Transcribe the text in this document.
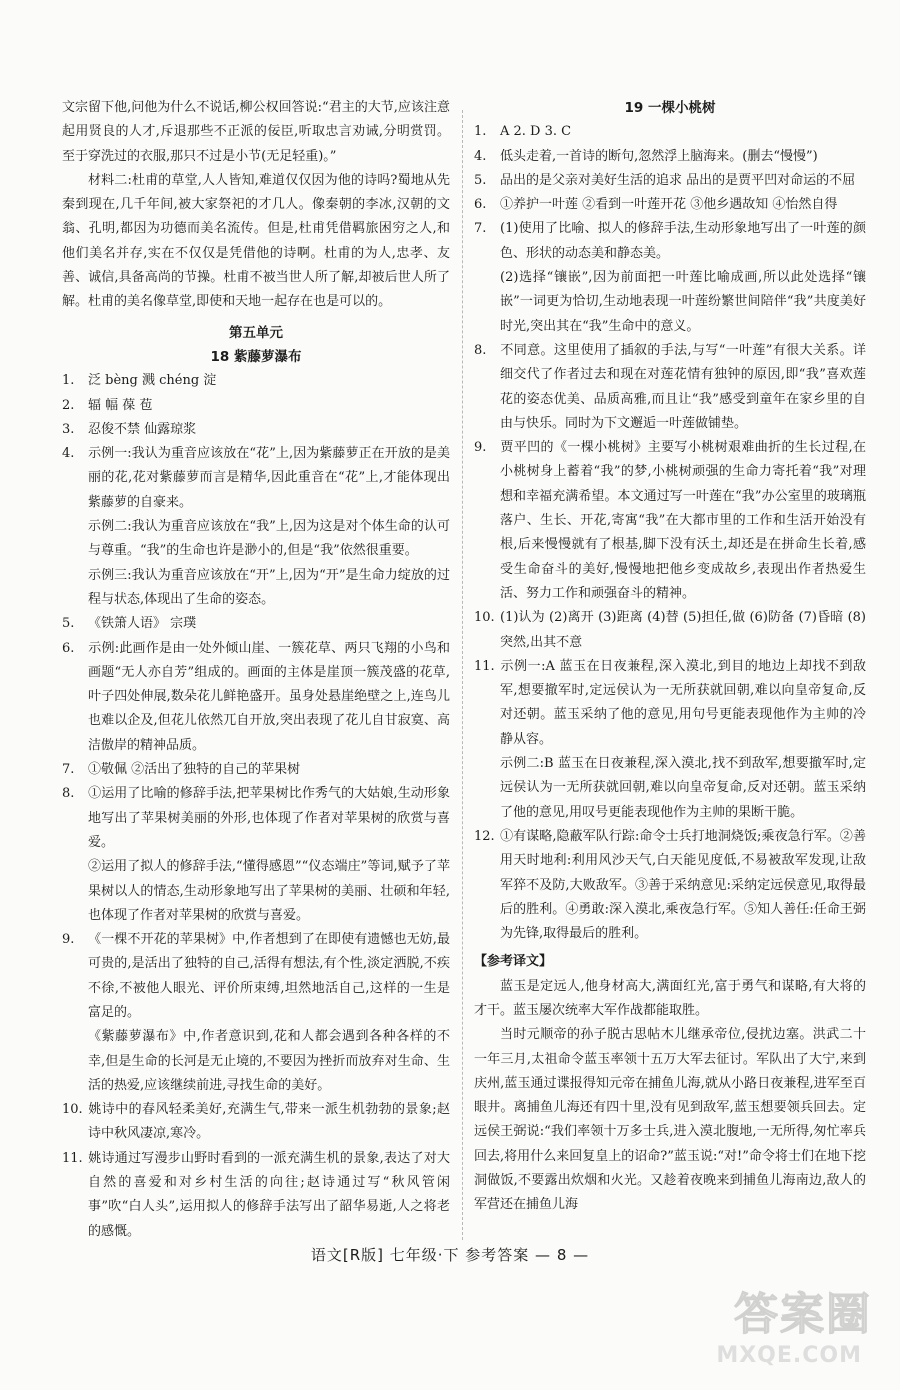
文宗留下他,问他为什么不说话,柳公权回答说:“君主的大节,应该注意起用贤良的人才,斥退那些不正派的佞臣,听取忠言劝诫,分明赏罚。至于穿洗过的衣服,那只不过是小节(无足轻重)。”

材料二:杜甫的草堂,人人皆知,难道仅仅因为他的诗吗?蜀地从先秦到现在,几千年间,被大家祭祀的才几人。像秦朝的李冰,汉朝的文翁、孔明,都因为功德而美名流传。但是,杜甫凭借羁旅困穷之人,和他们美名并存,实在不仅仅是凭借他的诗啊。杜甫的为人,忠孝、友善、诚信,具备高尚的节操。杜甫不被当世人所了解,却被后世人所了解。杜甫的美名像草堂,即使和天地一起存在也是可以的。

第五单元
18 紫藤萝瀑布

1. 泛 bèng 溅 chéng 淀

2. 辐 幅 葆 苞

3. 忍俊不禁 仙露琼浆

4. 示例一:我认为重音应该放在“花”上,因为紫藤萝正在开放的是美丽的花,花对紫藤萝而言是精华,因此重音在“花”上,才能体现出紫藤萝的自豪来。

示例二:我认为重音应该放在“我”上,因为这是对个体生命的认可与尊重。“我”的生命也许是渺小的,但是“我”依然很重要。

示例三:我认为重音应该放在“开”上,因为“开”是生命力绽放的过程与状态,体现出了生命的姿态。

5. 《铁箫人语》 宗璞

6. 示例:此画作是由一处外倾山崖、一簇花草、两只飞翔的小鸟和画题“无人亦自芳”组成的。画面的主体是崖顶一簇茂盛的花草,叶子四处伸展,数朵花儿鲜艳盛开。虽身处悬崖绝壁之上,连鸟儿也难以企及,但花儿依然兀自开放,突出表现了花儿自甘寂寞、高洁傲岸的精神品质。

7. ①敬佩 ②活出了独特的自己的苹果树

8. ①运用了比喻的修辞手法,把苹果树比作秀气的大姑娘,生动形象地写出了苹果树美丽的外形,也体现了作者对苹果树的欣赏与喜爱。

②运用了拟人的修辞手法,“懂得感恩”“仪态端庄”等词,赋予了苹果树以人的情态,生动形象地写出了苹果树的美丽、壮硕和年轻,也体现了作者对苹果树的欣赏与喜爱。

9. 《一棵不开花的苹果树》中,作者想到了在即使有遗憾也无妨,最可贵的,是活出了独特的自己,活得有想法,有个性,淡定洒脱,不疾不徐,不被他人眼光、评价所束缚,坦然地活自己,这样的一生是富足的。

《紫藤萝瀑布》中,作者意识到,花和人都会遇到各种各样的不幸,但是生命的长河是无止境的,不要因为挫折而放弃对生命、生活的热爱,应该继续前进,寻找生命的美好。

10. 姚诗中的春风轻柔美好,充满生气,带来一派生机勃勃的景象;赵诗中秋风凄凉,寒冷。

11. 姚诗通过写漫步山野时看到的一派充满生机的景象,表达了对大自然的喜爱和对乡村生活的向往;赵诗通过写“秋风管闲事”吹“白人头”,运用拟人的修辞手法写出了韶华易逝,人之将老的感慨。

19 一棵小桃树

1. A 2. D 3. C

4. 低头走着,一首诗的断句,忽然浮上脑海来。(删去“慢慢”)

5. 品出的是父亲对美好生活的追求 品出的是贾平凹对命运的不屈

6. ①养护一叶莲 ②看到一叶莲开花 ③他乡遇故知 ④怡然自得

7. (1)使用了比喻、拟人的修辞手法,生动形象地写出了一叶莲的颜色、形状的动态美和静态美。

(2)选择“镶嵌”,因为前面把一叶莲比喻成画,所以此处选择“镶嵌”一词更为恰切,生动地表现一叶莲纷繁世间陪伴“我”共度美好时光,突出其在“我”生命中的意义。

8. 不同意。这里使用了插叙的手法,与写“一叶莲”有很大关系。详细交代了作者过去和现在对莲花情有独钟的原因,即“我”喜欢莲花的姿态优美、品质高雅,而且让“我”感受到童年在家乡里的自由与快乐。同时为下文邂逅一叶莲做铺垫。

9. 贾平凹的《一棵小桃树》主要写小桃树艰难曲折的生长过程,在小桃树身上蓄着“我”的梦,小桃树顽强的生命力寄托着“我”对理想和幸福充满希望。本文通过写一叶莲在“我”办公室里的玻璃瓶落户、生长、开花,寄寓“我”在大都市里的工作和生活开始没有根,后来慢慢就有了根基,脚下没有沃土,却还是在拼命生长着,感受生命奋斗的美好,慢慢地把他乡变成故乡,表现出作者热爱生活、努力工作和顽强奋斗的精神。

10. (1)认为 (2)离开 (3)距离 (4)替 (5)担任,做 (6)防备 (7)昏暗 (8)突然,出其不意

11. 示例一:A 蓝玉在日夜兼程,深入漠北,到目的地边上却找不到敌军,想要撤军时,定远侯认为一无所获就回朝,难以向皇帝复命,反对还朝。蓝玉采纳了他的意见,用句号更能表现他作为主帅的冷静从容。

示例二:B 蓝玉在日夜兼程,深入漠北,找不到敌军,想要撤军时,定远侯认为一无所获就回朝,难以向皇帝复命,反对还朝。蓝玉采纳了他的意见,用叹号更能表现他作为主帅的果断干脆。

12. ①有谋略,隐蔽军队行踪:命令士兵打地洞烧饭;乘夜急行军。②善用天时地利:利用风沙天气,白天能见度低,不易被敌军发现,让敌军猝不及防,大败敌军。③善于采纳意见:采纳定远侯意见,取得最后的胜利。④勇敢:深入漠北,乘夜急行军。⑤知人善任:任命王弼为先锋,取得最后的胜利。

【参考译文】

蓝玉是定远人,他身材高大,满面红光,富于勇气和谋略,有大将的才干。蓝玉屡次统率大军作战都能取胜。

当时元顺帝的孙子脱古思帖木儿继承帝位,侵扰边塞。洪武二十一年三月,太祖命令蓝玉率领十五万大军去征讨。军队出了大宁,来到庆州,蓝玉通过谍报得知元帝在捕鱼儿海,就从小路日夜兼程,进军至百眼井。离捕鱼儿海还有四十里,没有见到敌军,蓝玉想要领兵回去。定远侯王弼说:“我们率领十万多士兵,进入漠北腹地,一无所得,匆忙率兵回去,将用什么来回复皇上的诏命?”蓝玉说:“对!”命令将士们在地下挖洞做饭,不要露出炊烟和火光。又趁着夜晚来到捕鱼儿海南边,敌人的军营还在捕鱼儿海

语文[R版] 七年级·下 参考答案 — 8 —
答案圈
MXQE.COM
